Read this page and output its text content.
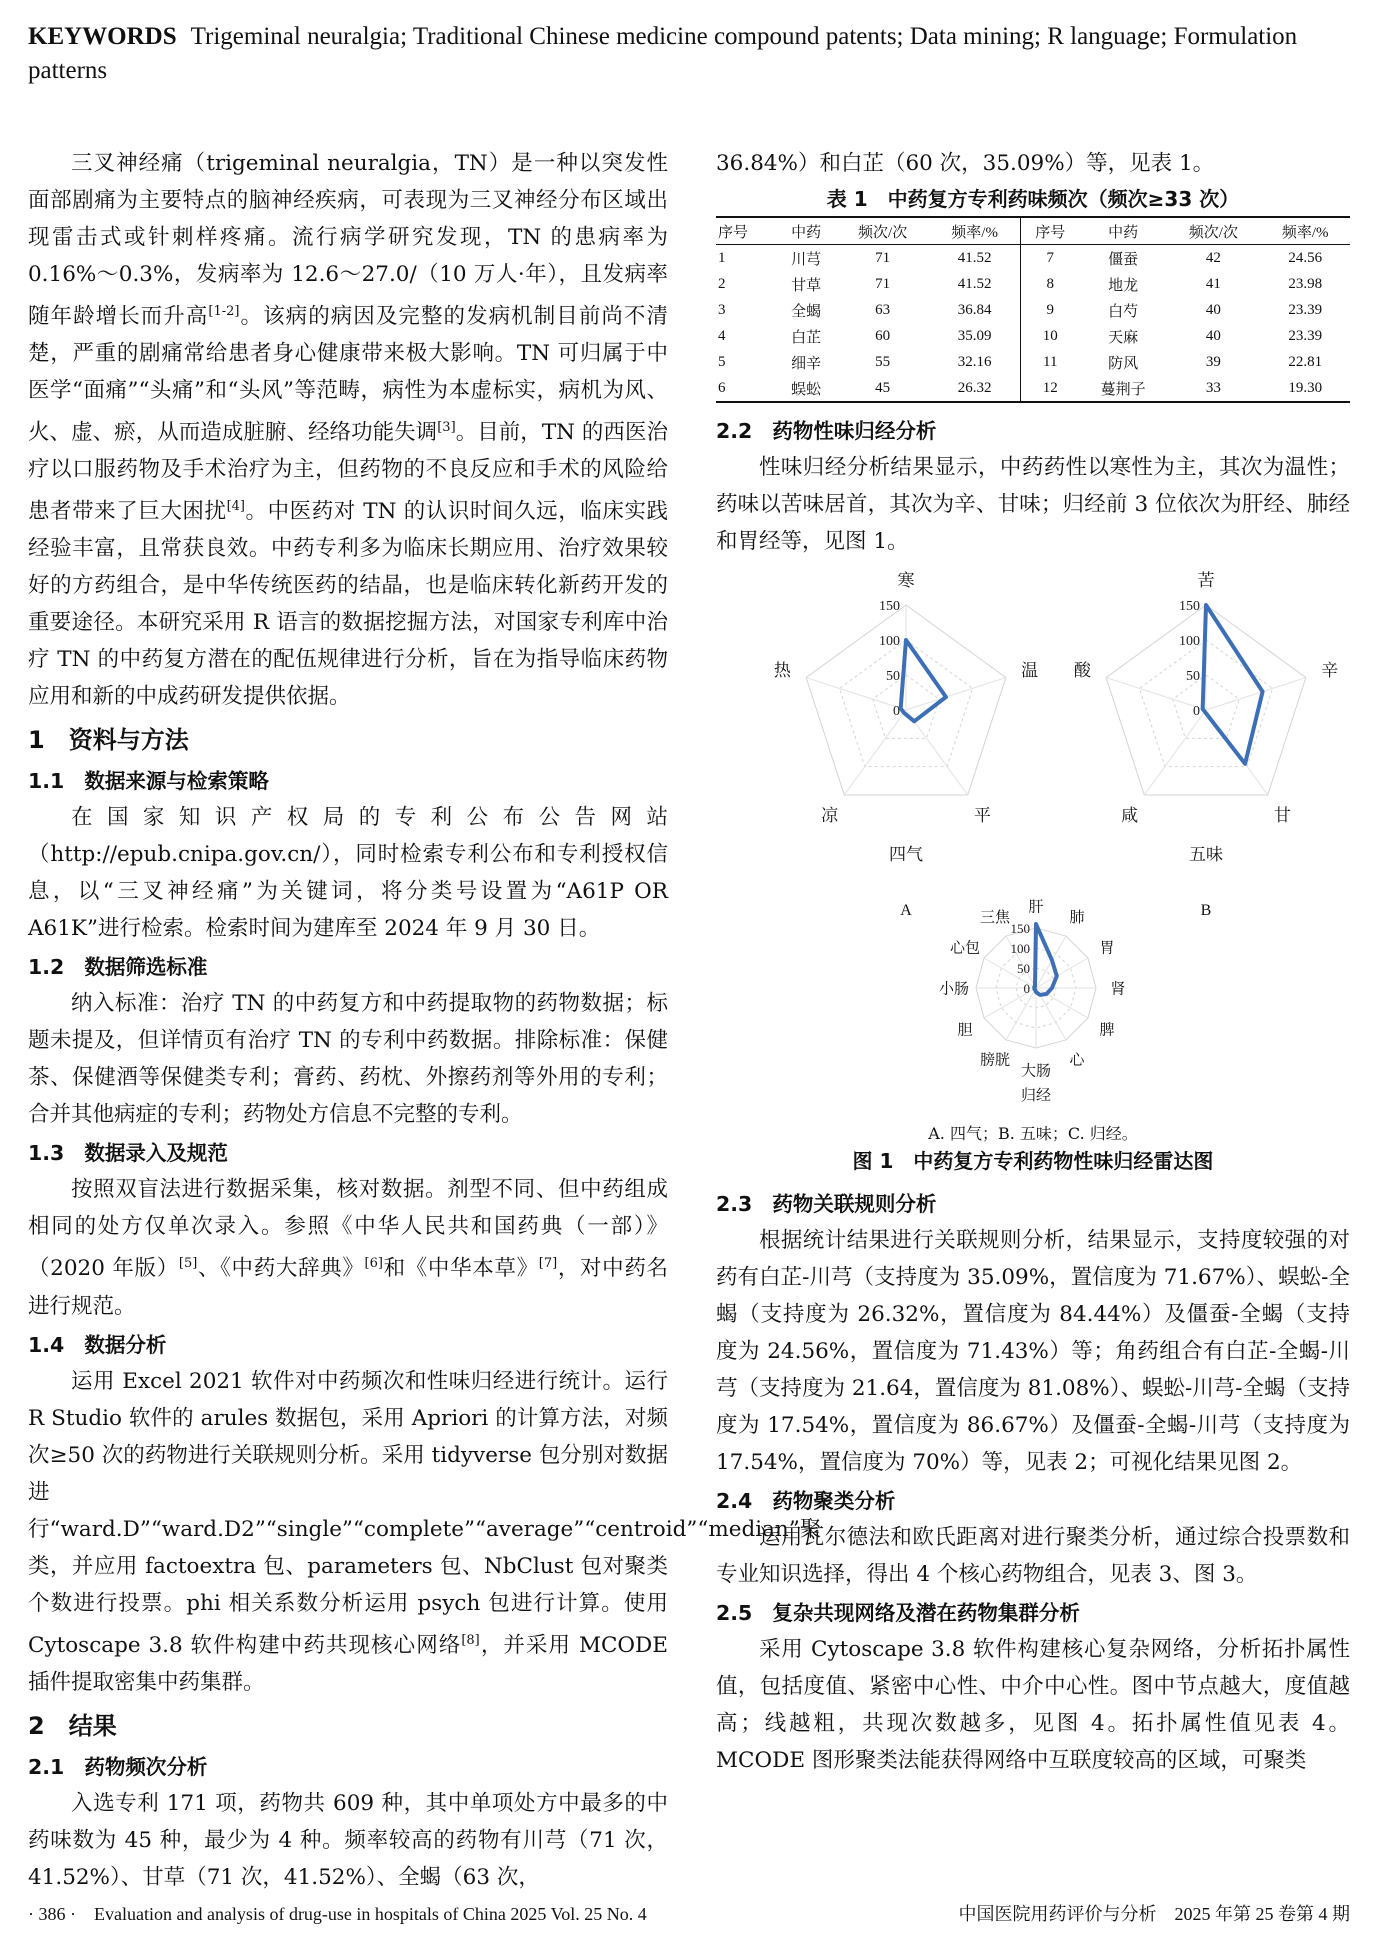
KEYWORDS Trigeminal neuralgia; Traditional Chinese medicine compound patents; Data mining; R language; Formulation patterns

三叉神经痛（trigeminal neuralgia，TN）是一种以突发性面部剧痛为主要特点的脑神经疾病，可表现为三叉神经分布区域出现雷击式或针刺样疼痛。流行病学研究发现，TN 的患病率为 0.16%～0.3%，发病率为 12.6～27.0/（10 万人·年），且发病率随年龄增长而升高[1-2]。该病的病因及完整的发病机制目前尚不清楚，严重的剧痛常给患者身心健康带来极大影响。TN 可归属于中医学“面痛”“头痛”和“头风”等范畴，病性为本虚标实，病机为风、火、虚、瘀，从而造成脏腑、经络功能失调[3]。目前，TN 的西医治疗以口服药物及手术治疗为主，但药物的不良反应和手术的风险给患者带来了巨大困扰[4]。中医药对 TN 的认识时间久远，临床实践经验丰富，且常获良效。中药专利多为临床长期应用、治疗效果较好的方药组合，是中华传统医药的结晶，也是临床转化新药开发的重要途径。本研究采用 R 语言的数据挖掘方法，对国家专利库中治疗 TN 的中药复方潜在的配伍规律进行分析，旨在为指导临床药物应用和新的中成药研发提供依据。

1　资料与方法
1.1 数据来源与检索策略

在国家知识产权局的专利公布公告网站（http://epub.cnipa.gov.cn/），同时检索专利公布和专利授权信息，以“三叉神经痛”为关键词，将分类号设置为“A61P OR A61K”进行检索。检索时间为建库至 2024 年 9 月 30 日。

1.2 数据筛选标准

纳入标准：治疗 TN 的中药复方和中药提取物的药物数据；标题未提及，但详情页有治疗 TN 的专利中药数据。排除标准：保健茶、保健酒等保健类专利；膏药、药枕、外擦药剂等外用的专利；合并其他病症的专利；药物处方信息不完整的专利。

1.3 数据录入及规范

按照双盲法进行数据采集，核对数据。剂型不同、但中药组成相同的处方仅单次录入。参照《中华人民共和国药典（一部）》（2020 年版）[5]、《中药大辞典》[6]和《中华本草》[7]，对中药名进行规范。

1.4 数据分析

运用 Excel 2021 软件对中药频次和性味归经进行统计。运行 R Studio 软件的 arules 数据包，采用 Apriori 的计算方法，对频次≥50 次的药物进行关联规则分析。采用 tidyverse 包分别对数据进行“ward.D”“ward.D2”“single”“complete”“average”“centroid”“median”聚类，并应用 factoextra 包、parameters 包、NbClust 包对聚类个数进行投票。phi 相关系数分析运用 psych 包进行计算。使用 Cytoscape 3.8 软件构建中药共现核心网络[8]，并采用 MCODE 插件提取密集中药集群。

2　结果
2.1 药物频次分析

入选专利 171 项，药物共 609 种，其中单项处方中最多的中药味数为 45 种，最少为 4 种。频率较高的药物有川芎（71 次，41.52%）、甘草（71 次，41.52%）、全蝎（63 次，

36.84%）和白芷（60 次，35.09%）等，见表 1。

表 1　中药复方专利药味频次（频次≥33 次）
序号	中药	频次/次	频率/%	序号	中药	频次/次	频率/%
1	川芎	71	41.52	7	僵蚕	42	24.56
2	甘草	71	41.52	8	地龙	41	23.98
3	全蝎	63	36.84	9	白芍	40	23.39
4	白芷	60	35.09	10	天麻	40	23.39
5	细辛	55	32.16	11	防风	39	22.81
6	蜈蚣	45	26.32	12	蔓荆子	33	19.30
2.2 药物性味归经分析

性味归经分析结果显示，中药药性以寒性为主，其次为温性；药味以苦味居首，其次为辛、甘味；归经前 3 位依次为肝经、肺经和胃经等，见图 1。

0
50
100
150
寒
温
平
凉
热
四气
A
0
50
100
150
苦
辛
甘
咸
酸
五味
B
0
50
100
150
肝
肺
胃
肾
脾
心
大肠
膀胱
胆
小肠
心包
三焦
归经
A. 四气；B. 五味；C. 归经。
图 1　中药复方专利药物性味归经雷达图
2.3 药物关联规则分析

根据统计结果进行关联规则分析，结果显示，支持度较强的对药有白芷-川芎（支持度为 35.09%，置信度为 71.67%）、蜈蚣-全蝎（支持度为 26.32%，置信度为 84.44%）及僵蚕-全蝎（支持度为 24.56%，置信度为 71.43%）等；角药组合有白芷-全蝎-川芎（支持度为 21.64，置信度为 81.08%）、蜈蚣-川芎-全蝎（支持度为 17.54%，置信度为 86.67%）及僵蚕-全蝎-川芎（支持度为 17.54%，置信度为 70%）等，见表 2；可视化结果见图 2。

2.4 药物聚类分析

运用瓦尔德法和欧氏距离对进行聚类分析，通过综合投票数和专业知识选择，得出 4 个核心药物组合，见表 3、图 3。

2.5 复杂共现网络及潜在药物集群分析

采用 Cytoscape 3.8 软件构建核心复杂网络，分析拓扑属性值，包括度值、紧密中心性、中介中心性。图中节点越大，度值越高；线越粗，共现次数越多，见图 4。拓扑属性值见表 4。MCODE 图形聚类法能获得网络中互联度较高的区域，可聚类

· 386 ·　Evaluation and analysis of drug-use in hospitals of China 2025 Vol. 25 No. 4	中国医院用药评价与分析　2025 年第 25 卷第 4 期
